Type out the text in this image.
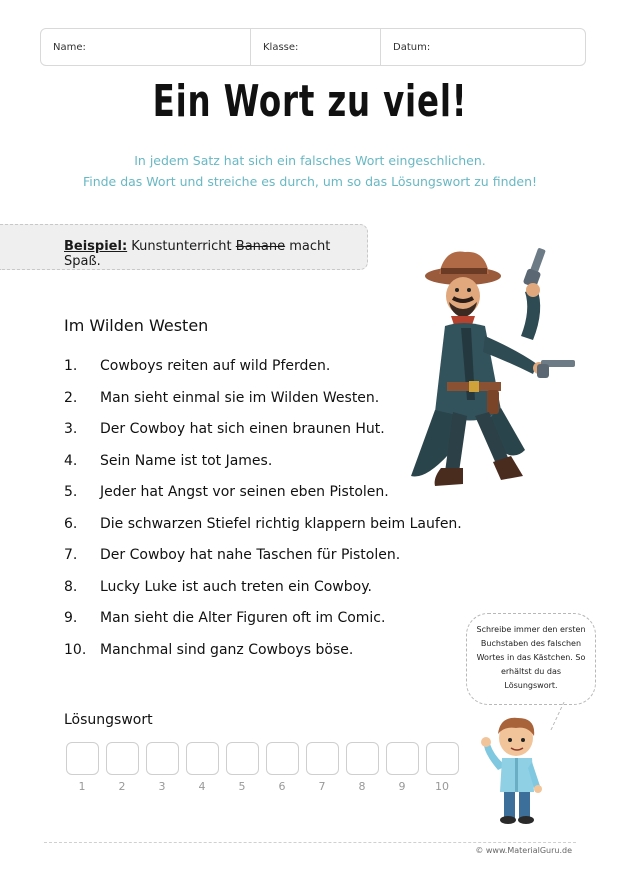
Name:	Klasse:	Datum:
Ein Wort zu viel!
In jedem Satz hat sich ein falsches Wort eingeschlichen.
Finde das Wort und streiche es durch, um so das Lösungswort zu finden!
Beispiel: Kunstunterricht Banane macht Spaß.
Im Wilden Westen
1.	Cowboys reiten auf wild Pferden.
2.	Man sieht einmal sie im Wilden Westen.
3.	Der Cowboy hat sich einen braunen Hut.
4.	Sein Name ist tot James.
5.	Jeder hat Angst vor seinen eben Pistolen.
6.	Die schwarzen Stiefel richtig klappern beim Laufen.
7.	Der Cowboy hat nahe Taschen für Pistolen.
8.	Lucky Luke ist auch treten ein Cowboy.
9.	Man sieht die Alter Figuren oft im Comic.
10. Manchmal sind ganz Cowboys böse.
Lösungswort
1	2	3	4	5	6	7	8	9	10
Schreibe immer den ersten Buchstaben des falschen Wortes in das Kästchen. So erhältst du das Lösungswort.
© www.MaterialGuru.de
